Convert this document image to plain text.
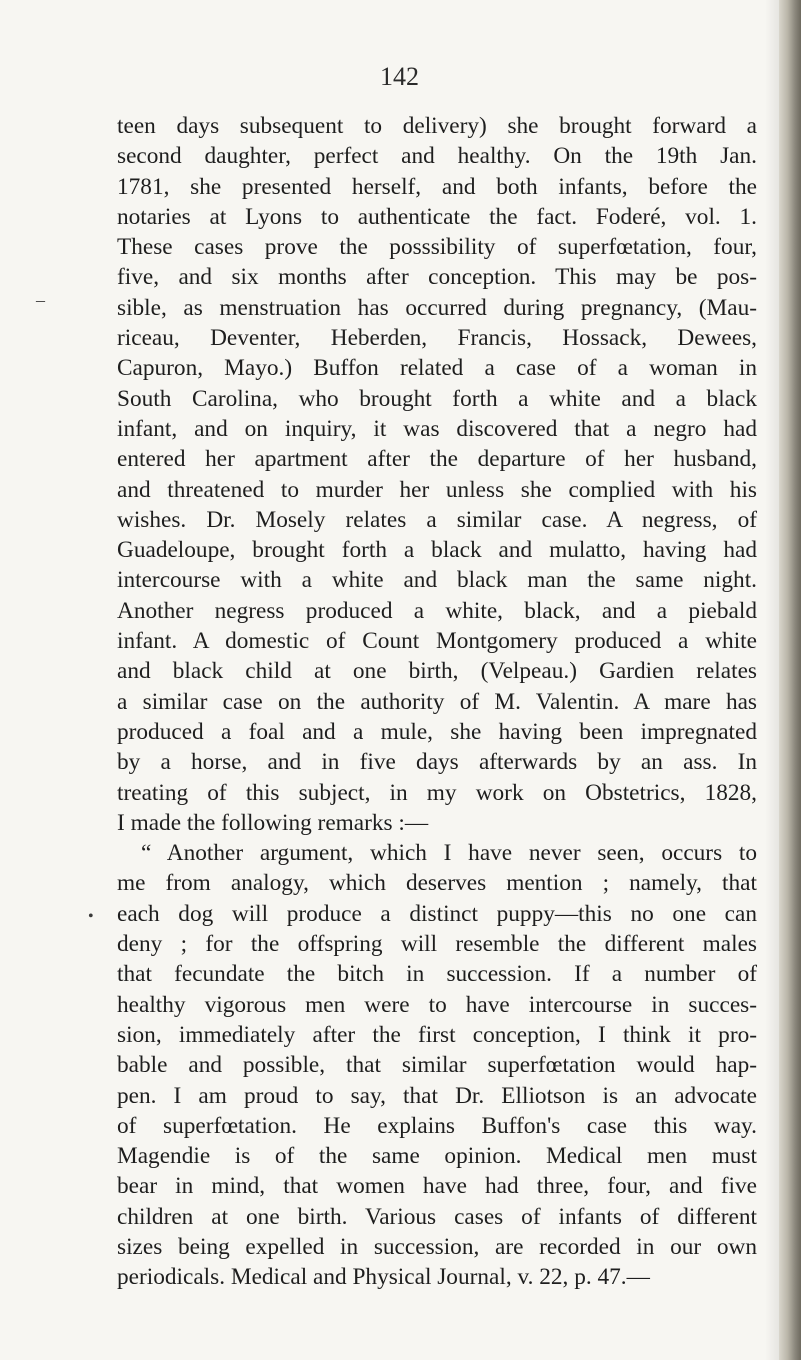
142
teen days subsequent to delivery) she brought forward a
second daughter, perfect and healthy. On the 19th Jan.
1781, she presented herself, and both infants, before the
notaries at Lyons to authenticate the fact. Foderé, vol. 1.
These cases prove the posssibility of superfœtation, four,
five, and six months after conception. This may be pos-
sible, as menstruation has occurred during pregnancy, (Mau-
riceau, Deventer, Heberden, Francis, Hossack, Dewees,
Capuron, Mayo.) Buffon related a case of a woman in
South Carolina, who brought forth a white and a black
infant, and on inquiry, it was discovered that a negro had
entered her apartment after the departure of her husband,
and threatened to murder her unless she complied with his
wishes. Dr. Mosely relates a similar case. A negress, of
Guadeloupe, brought forth a black and mulatto, having had
intercourse with a white and black man the same night.
Another negress produced a white, black, and a piebald
infant. A domestic of Count Montgomery produced a white
and black child at one birth, (Velpeau.) Gardien relates
a similar case on the authority of M. Valentin. A mare has
produced a foal and a mule, she having been impregnated
by a horse, and in five days afterwards by an ass. In
treating of this subject, in my work on Obstetrics, 1828,
I made the following remarks :—
“ Another argument, which I have never seen, occurs to
me from analogy, which deserves mention ; namely, that
each dog will produce a distinct puppy—this no one can
deny ; for the offspring will resemble the different males
that fecundate the bitch in succession. If a number of
healthy vigorous men were to have intercourse in succes-
sion, immediately after the first conception, I think it pro-
bable and possible, that similar superfœtation would hap-
pen. I am proud to say, that Dr. Elliotson is an advocate
of superfœtation. He explains Buffon's case this way.
Magendie is of the same opinion. Medical men must
bear in mind, that women have had three, four, and five
children at one birth. Various cases of infants of different
sizes being expelled in succession, are recorded in our own
periodicals. Medical and Physical Journal, v. 22, p. 47.—
–
•
